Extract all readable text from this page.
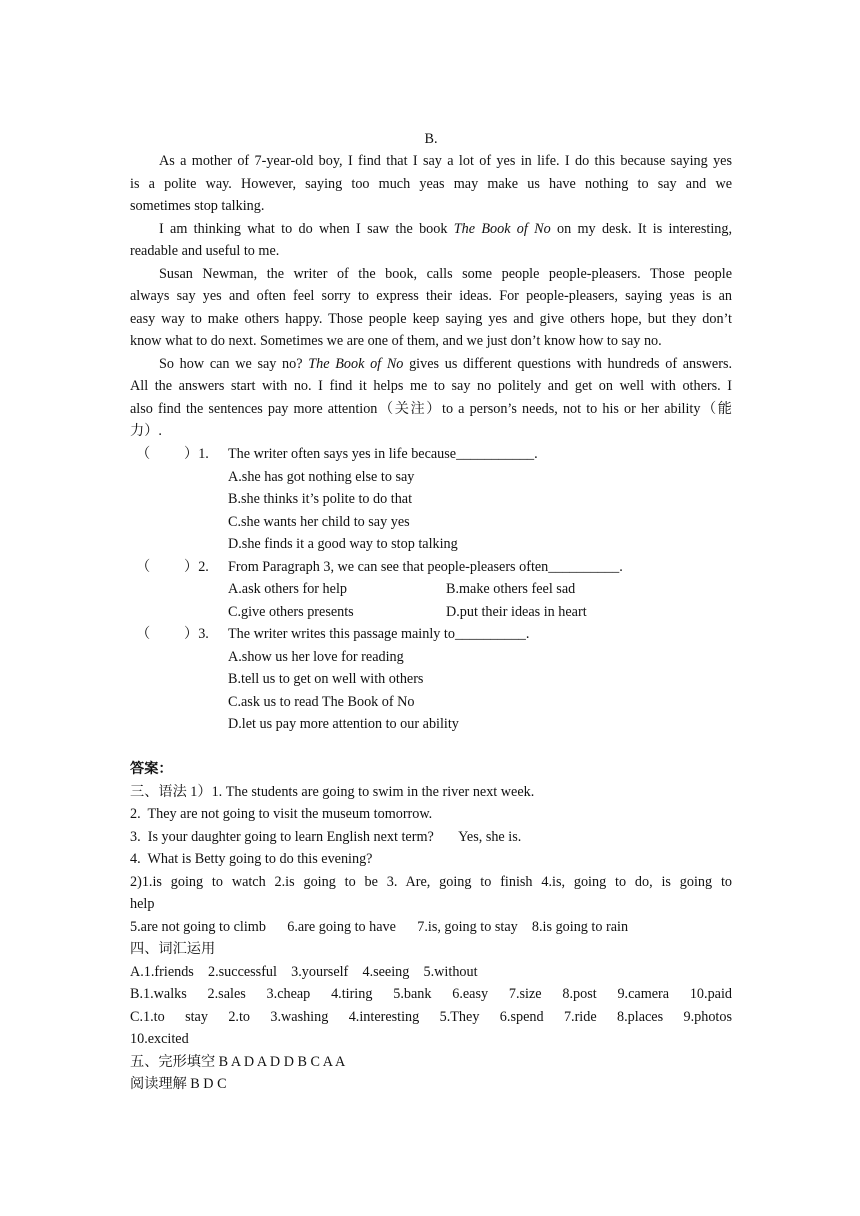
B.
As a mother of 7-year-old boy, I find that I say a lot of yes in life. I do this because saying yes
is a polite way. However, saying too much yeas may make us have nothing to say and we
sometimes stop talking.
I am thinking what to do when I saw the book The Book of No on my desk. It is interesting,
readable and useful to me.
Susan Newman, the writer of the book, calls some people people-pleasers. Those people
always say yes and often feel sorry to express their ideas. For people-pleasers, saying yeas is an
easy way to make others happy. Those people keep saying yes and give others hope, but they don’t
know what to do next. Sometimes we are one of them, and we just don’t know how to say no.
So how can we say no? The Book of No gives us different questions with hundreds of answers.
All the answers start with no. I find it helps me to say no politely and get on well with others. I
also find the sentences pay more attention（关注）to a person’s needs, not to his or her ability（能
力）.
（ ）1. The writer often says yes in life because___________.
A.she has got nothing else to say
B.she thinks it’s polite to do that
C.she wants her child to say yes
D.she finds it a good way to stop talking
（ ）2. From Paragraph 3, we can see that people-pleasers often__________.
A.ask others for help	B.make others feel sad
C.give others presents	D.put their ideas in heart
（ ）3. The writer writes this passage mainly to__________.
A.show us her love for reading
B.tell us to get on well with others
C.ask us to read The Book of No
D.let us pay more attention to our ability
答案：
三、语法 1）1. The students are going to swim in the river next week.
2.  They are not going to visit the museum tomorrow.
3.  Is your daughter going to learn English next term?       Yes, she is.
4.  What is Betty going to do this evening?
2)1.is going to watch 2.is going to be 3. Are, going to finish 4.is, going to do, is going to
help
5.are not going to climb      6.are going to have      7.is, going to stay    8.is going to rain
四、词汇运用
A.1.friends    2.successful    3.yourself    4.seeing    5.without
B.1.walks 2.sales 3.cheap 4.tiring 5.bank 6.easy 7.size 8.post 9.camera 10.paid
C.1.to stay 2.to 3.washing 4.interesting 5.They 6.spend 7.ride 8.places 9.photos
10.excited
五、完形填空 B A D A D D B C A A
阅读理解 B D C
